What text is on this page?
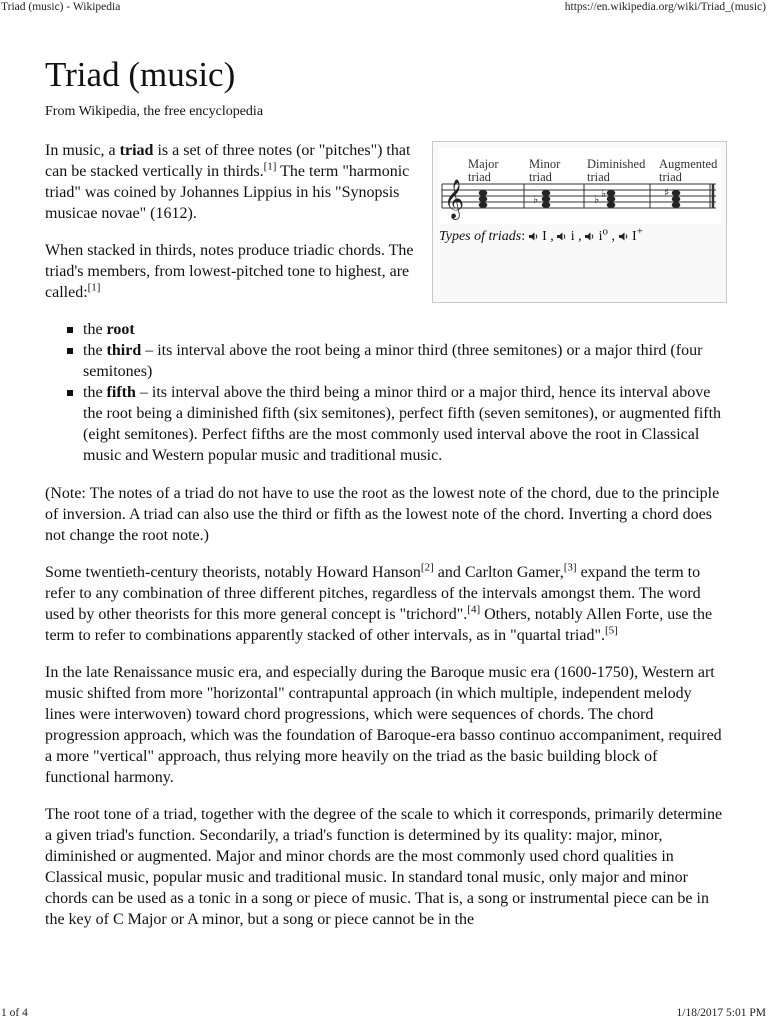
Triad (music) - Wikipedia	https://en.wikipedia.org/wiki/Triad_(music)
Triad (music)
From Wikipedia, the free encyclopedia

In music, a triad is a set of three notes (or "pitches") that can be stacked vertically in thirds.[1] The term "harmonic triad" was coined by Johannes Lippius in his "Synopsis musicae novae" (1612).

When stacked in thirds, notes produce triadic chords. The triad's members, from lowest-pitched tone to highest, are called:[1]

the root
the third – its interval above the root being a minor third (three semitones) or a major third (four semitones)
the fifth – its interval above the third being a minor third or a major third, hence its interval above the root being a diminished fifth (six semitones), perfect fifth (seven semitones), or augmented fifth (eight semitones). Perfect fifths are the most commonly used interval above the root in Classical music and Western popular music and traditional music.

(Note: The notes of a triad do not have to use the root as the lowest note of the chord, due to the principle of inversion. A triad can also use the third or fifth as the lowest note of the chord. Inverting a chord does not change the root note.)

Some twentieth-century theorists, notably Howard Hanson[2] and Carlton Gamer,[3] expand the term to refer to any combination of three different pitches, regardless of the intervals amongst them. The word used by other theorists for this more general concept is "trichord".[4] Others, notably Allen Forte, use the term to refer to combinations apparently stacked of other intervals, as in "quartal triad".[5]

In the late Renaissance music era, and especially during the Baroque music era (1600-1750), Western art music shifted from more "horizontal" contrapuntal approach (in which multiple, independent melody lines were interwoven) toward chord progressions, which were sequences of chords. The chord progression approach, which was the foundation of Baroque-era basso continuo accompaniment, required a more "vertical" approach, thus relying more heavily on the triad as the basic building block of functional harmony.

The root tone of a triad, together with the degree of the scale to which it corresponds, primarily determine a given triad's function. Secondarily, a triad's function is determined by its quality: major, minor, diminished or augmented. Major and minor chords are the most commonly used chord qualities in Classical music, popular music and traditional music. In standard tonal music, only major and minor chords can be used as a tonic in a song or piece of music. That is, a song or instrumental piece can be in the key of C Major or A minor, but a song or piece cannot be in the

Major
triad
Minor
triad
Diminished
triad
Augmented
triad
𝄞	♭	♭ ♭	♯
Types of triads:  I ,  i ,  i$^o$ ,  I+
1 of 4	1/18/2017 5:01 PM
